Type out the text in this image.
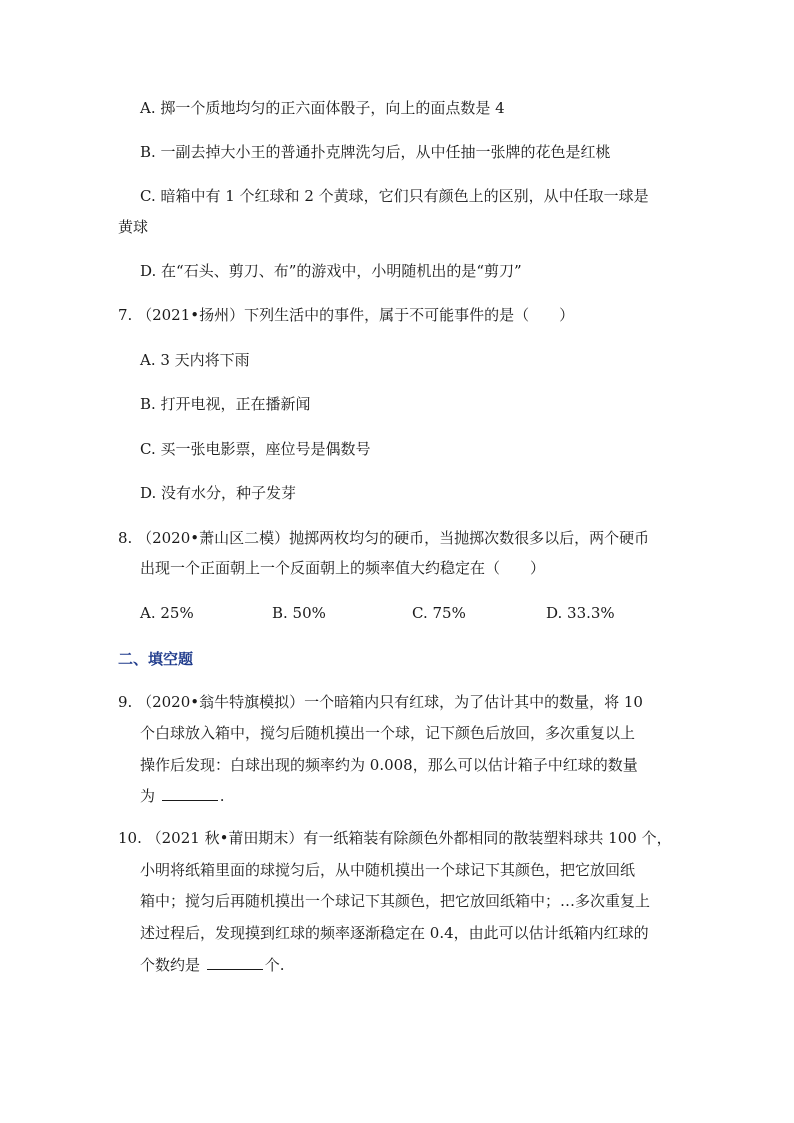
A. 掷一个质地均匀的正六面体骰子，向上的面点数是 4
B. 一副去掉大小王的普通扑克牌洗匀后，从中任抽一张牌的花色是红桃
C. 暗箱中有 1 个红球和 2 个黄球，它们只有颜色上的区别，从中任取一球是
黄球
D. 在“石头、剪刀、布”的游戏中，小明随机出的是“剪刀”
7. （2021•扬州）下列生活中的事件，属于不可能事件的是（　　）
A. 3 天内将下雨
B. 打开电视，正在播新闻
C. 买一张电影票，座位号是偶数号
D. 没有水分，种子发芽
8. （2020•萧山区二模）抛掷两枚均匀的硬币，当抛掷次数很多以后，两个硬币
出现一个正面朝上一个反面朝上的频率值大约稳定在（　　）
A. 25%	B. 50%	C. 75%	D. 33.3%
二、填空题
9. （2020•翁牛特旗模拟）一个暗箱内只有红球，为了估计其中的数量，将 10
个白球放入箱中，搅匀后随机摸出一个球，记下颜色后放回，多次重复以上
操作后发现：白球出现的频率约为 0.008，那么可以估计箱子中红球的数量
为	.
10. （2021 秋•莆田期末）有一纸箱装有除颜色外都相同的散装塑料球共 100 个，
小明将纸箱里面的球搅匀后，从中随机摸出一个球记下其颜色，把它放回纸
箱中；搅匀后再随机摸出一个球记下其颜色，把它放回纸箱中；…多次重复上
述过程后，发现摸到红球的频率逐渐稳定在 0.4，由此可以估计纸箱内红球的
个数约是	个.
